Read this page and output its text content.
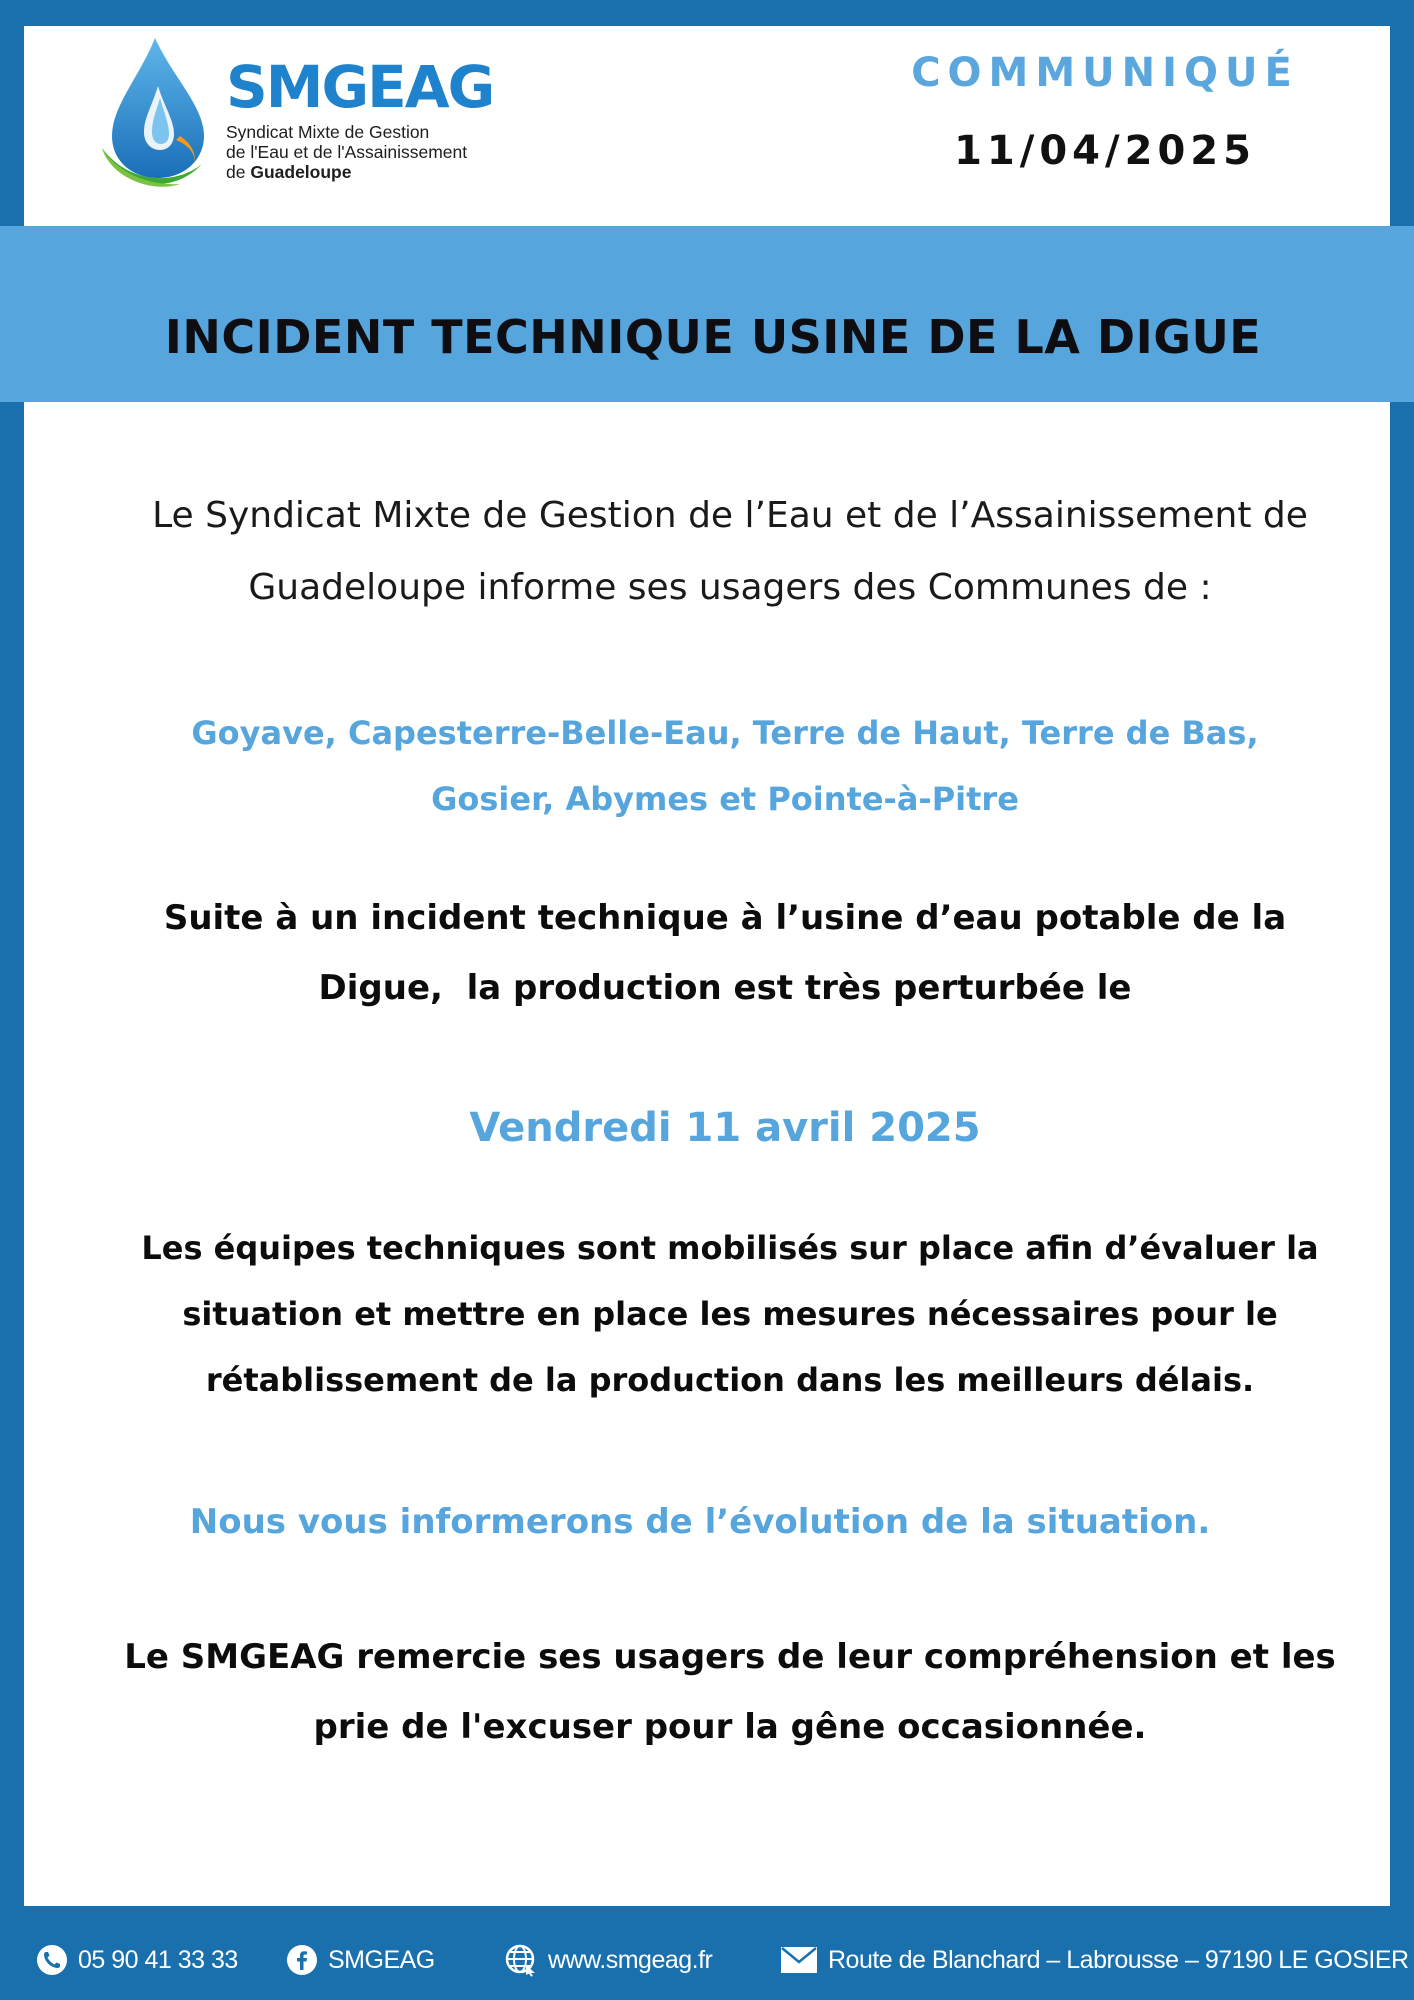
SMGEAG
Syndicat Mixte de Gestion
de l'Eau et de l'Assainissement
de Guadeloupe
COMMUNIQUÉ
11/04/2025
INCIDENT TECHNIQUE USINE DE LA DIGUE

Le Syndicat Mixte de Gestion de l’Eau et de l’Assainissement de
Guadeloupe informe ses usagers des Communes de :

Goyave, Capesterre-Belle-Eau, Terre de Haut, Terre de Bas,
Gosier, Abymes et Pointe-à-Pitre

Suite à un incident technique à l’usine d’eau potable de la
Digue,  la production est très perturbée le

Vendredi 11 avril 2025

Les équipes techniques sont mobilisés sur place afin d’évaluer la
situation et mettre en place les mesures nécessaires pour le
rétablissement de la production dans les meilleurs délais.

Nous vous informerons de l’évolution de la situation.

Le SMGEAG remercie ses usagers de leur compréhension et les
prie de l'excuser pour la gêne occasionnée.

05 90 41 33 33	SMGEAG	www.smgeag.fr	Route de Blanchard – Labrousse – 97190 LE GOSIER
